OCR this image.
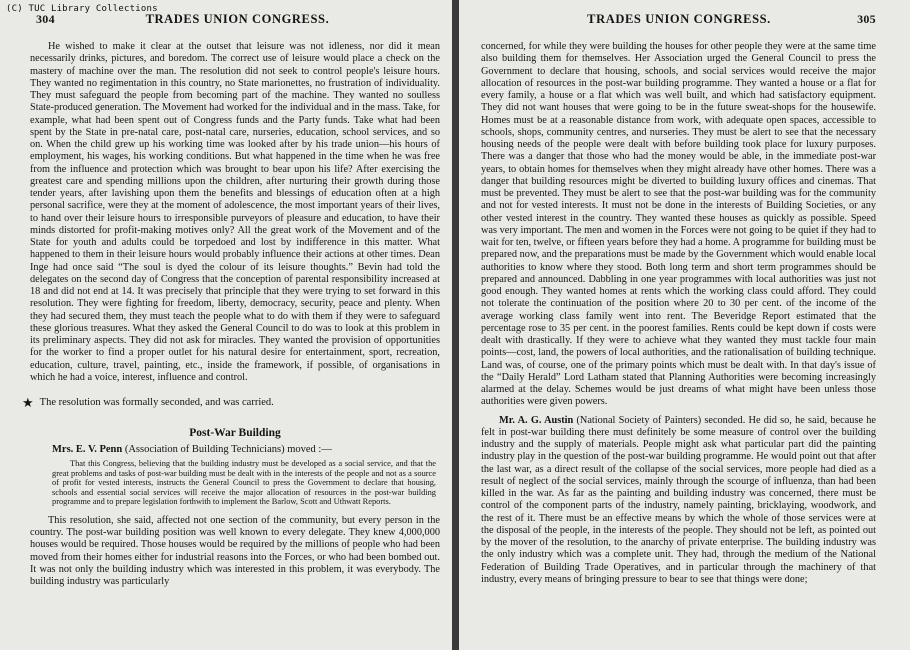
(C) TUC Library Collections
304	TRADES UNION CONGRESS.

He wished to make it clear at the outset that leisure was not idleness, nor did it mean necessarily drinks, pictures, and boredom. The correct use of leisure would place a check on the mastery of machine over the man. The resolution did not seek to control people's leisure hours. They wanted no regimentation in this country, no State marionettes, no frustration of individuality. They must safeguard the people from becoming part of the machine. They wanted no soulless State-produced generation. The Movement had worked for the individual and in the mass. Take, for example, what had been spent out of Congress funds and the Party funds. Take what had been spent by the State in pre-natal care, post-natal care, nurseries, education, school services, and so on. When the child grew up his working time was looked after by his trade union—his hours of employment, his wages, his working conditions. But what happened in the time when he was free from the influence and protection which was brought to bear upon his life? After exercising the greatest care and spending millions upon the children, after nurturing their growth during those tender years, after lavishing upon them the benefits and blessings of education often at a high personal sacrifice, were they at the moment of adolescence, the most important years of their lives, to hand over their leisure hours to irresponsible purveyors of pleasure and education, to have their minds distorted for profit-making motives only? All the great work of the Movement and of the State for youth and adults could be torpedoed and lost by indifference in this matter. What happened to them in their leisure hours would probably influence their actions at other times. Dean Inge had once said “The soul is dyed the colour of its leisure thoughts.” Bevin had told the delegates on the second day of Congress that the conception of parental responsibility increased at 18 and did not end at 14. It was precisely that principle that they were trying to set forward in this resolution. They were fighting for freedom, liberty, democracy, security, peace and plenty. When they had secured them, they must teach the people what to do with them if they were to safeguard these glorious treasures. What they asked the General Council to do was to look at this problem in its preliminary aspects. They did not ask for miracles. They wanted the provision of opportunities for the worker to find a proper outlet for his natural desire for entertainment, sport, recreation, education, culture, travel, painting, etc., inside the framework, if possible, of organisations in which he had a voice, interest, influence and control.

★ The resolution was formally seconded, and was carried.
Post-War Building
Mrs. E. V. Penn (Association of Building Technicians) moved :—

That this Congress, believing that the building industry must be developed as a social service, and that the great problems and tasks of post-war building must be dealt with in the interests of the people and not as a source of profit for vested interests, instructs the General Council to press the Government to declare that housing, schools and essential social services will receive the major allocation of resources in the post-war building programme and to prepare legislation forthwith to implement the Barlow, Scott and Uthwatt Reports.

This resolution, she said, affected not one section of the community, but every person in the country. The post-war building position was well known to every delegate. They knew 4,000,000 houses would be required. Those houses would be required by the millions of people who had been moved from their homes either for industrial reasons into the Forces, or who had been bombed out. It was not only the building industry which was interested in this problem, it was everybody. The building industry was particularly

TRADES UNION CONGRESS.	305

concerned, for while they were building the houses for other people they were at the same time also building them for themselves. Her Association urged the General Council to press the Government to declare that housing, schools, and social services would receive the major allocation of resources in the post-war building programme. They wanted a house or a flat for every family, a house or a flat which was well built, and which had satisfactory equipment. They did not want houses that were going to be in the future sweat-shops for the housewife. Homes must be at a reasonable distance from work, with adequate open spaces, accessible to schools, shops, community centres, and nurseries. They must be alert to see that the necessary housing needs of the people were dealt with before building took place for luxury purposes. There was a danger that those who had the money would be able, in the immediate post-war years, to obtain homes for themselves when they might already have other homes. There was a danger that building resources might be diverted to building luxury offices and cinemas. That must be prevented. They must be alert to see that the post-war building was for the community and not for vested interests. It must not be done in the interests of Building Societies, or any other vested interest in the country. They wanted these houses as quickly as possible. Speed was very important. The men and women in the Forces were not going to be quiet if they had to wait for ten, twelve, or fifteen years before they had a home. A programme for building must be prepared now, and the preparations must be made by the Government which would enable local authorities to know where they stood. Both long term and short term programmes should be prepared and announced. Dabbling in one year programmes with local authorities was just not good enough. They wanted homes at rents which the working class could afford. They could not tolerate the continuation of the position where 20 to 30 per cent. of the income of the average working class family went into rent. The Beveridge Report estimated that the percentage rose to 35 per cent. in the poorest families. Rents could be kept down if costs were dealt with drastically. If they were to achieve what they wanted they must tackle four main points—cost, land, the powers of local authorities, and the rationalisation of building technique. Land was, of course, one of the primary points which must be dealt with. In that day's issue of the “Daily Herald” Lord Latham stated that Planning Authorities were becoming increasingly alarmed at the delay. Schemes would be just dreams of what might have been unless those authorities were given powers.

Mr. A. G. Austin (National Society of Painters) seconded. He did so, he said, because he felt in post-war building there must definitely be some measure of control over the building industry and the supply of materials. People might ask what particular part did the painting industry play in the question of the post-war building programme. He would point out that after the last war, as a direct result of the collapse of the social services, more people had died as a result of neglect of the social services, mainly through the scourge of influenza, than had been killed in the war. As far as the painting and building industry was concerned, there must be control of the component parts of the industry, namely painting, bricklaying, woodwork, and the rest of it. There must be an effective means by which the whole of those services were at the disposal of the people, in the interests of the people. They should not be left, as pointed out by the mover of the resolution, to the anarchy of private enterprise. The building industry was the only industry which was a complete unit. They had, through the medium of the National Federation of Building Trade Operatives, and in particular through the machinery of that industry, every means of bringing pressure to bear to see that things were done;
